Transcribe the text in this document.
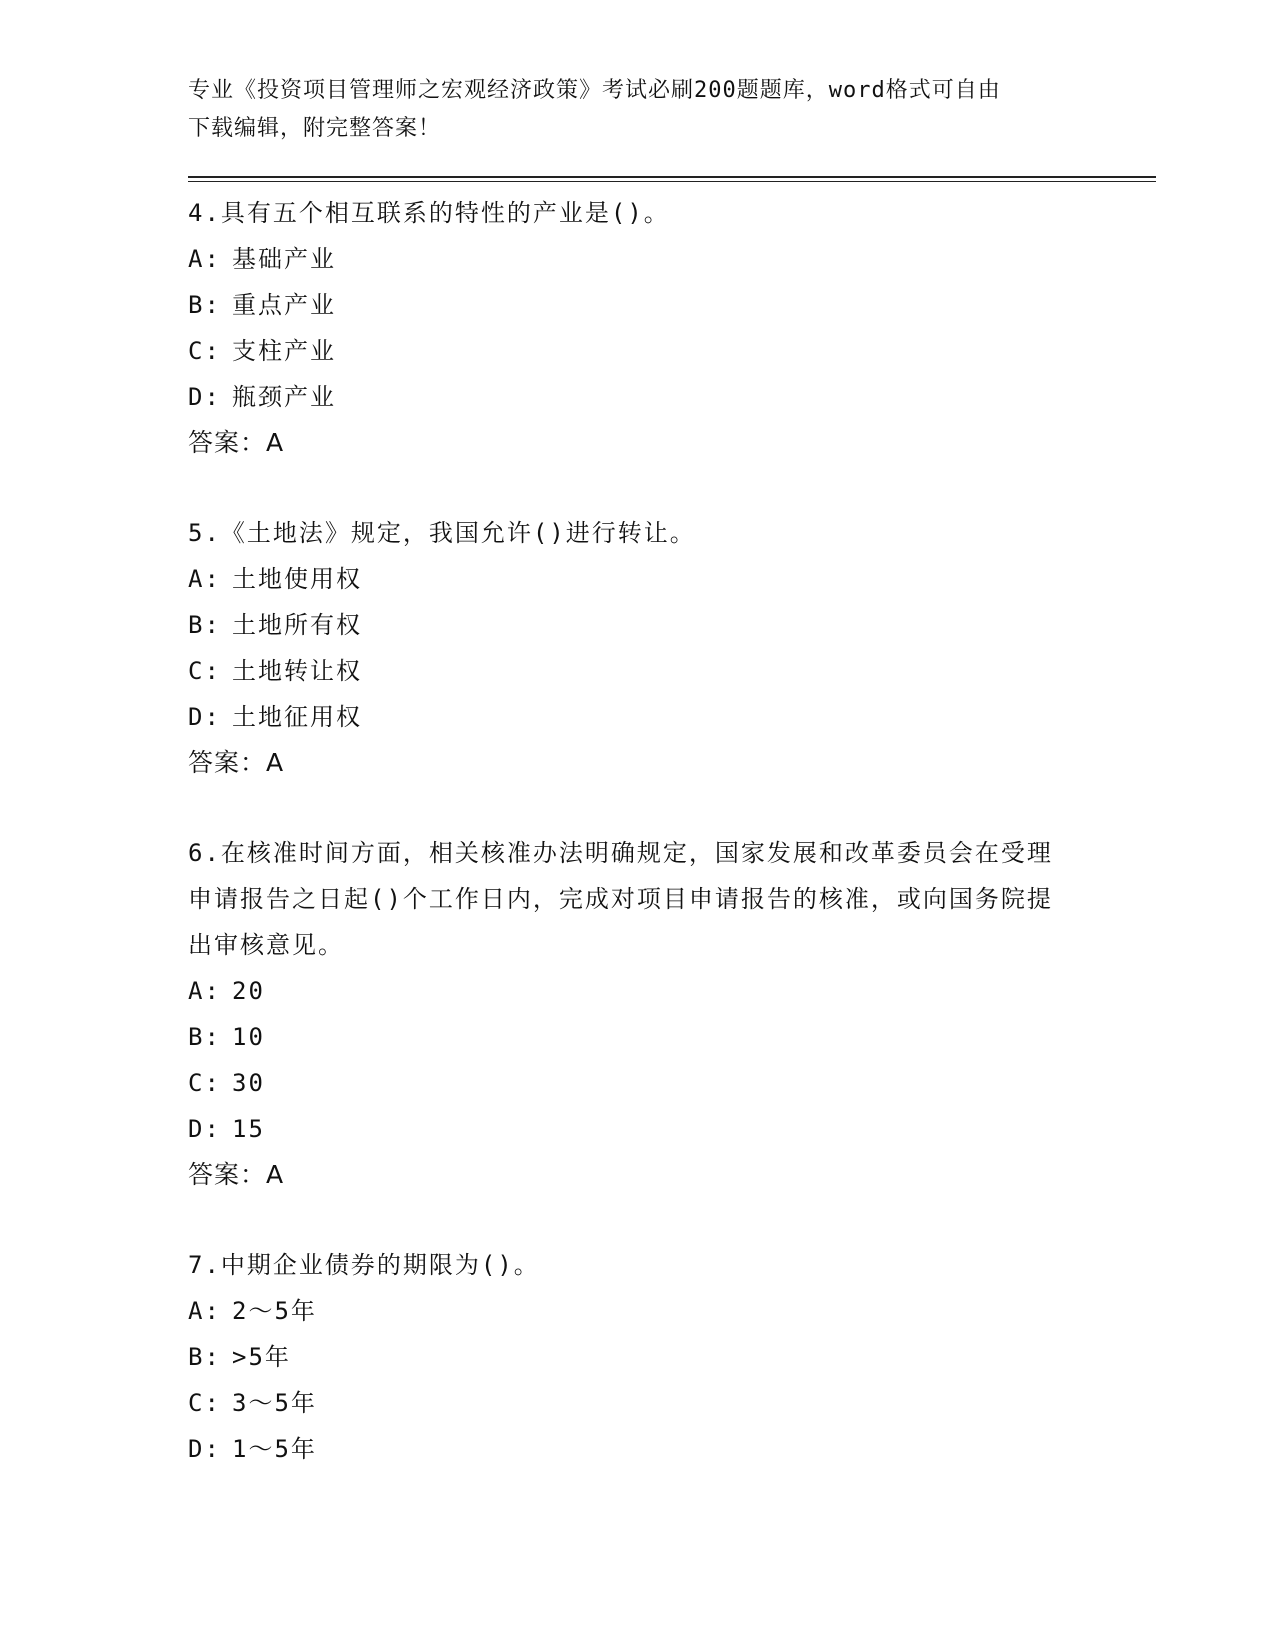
专业《投资项目管理师之宏观经济政策》考试必刷200题题库，word格式可自由
下载编辑，附完整答案！
4.具有五个相互联系的特性的产业是()。
A: 基础产业
B: 重点产业
C: 支柱产业
D: 瓶颈产业
答案：A
5.《土地法》规定，我国允许()进行转让。
A: 土地使用权
B: 土地所有权
C: 土地转让权
D: 土地征用权
答案：A
6.在核准时间方面，相关核准办法明确规定，国家发展和改革委员会在受理申请报告之日起()个工作日内，完成对项目申请报告的核准，或向国务院提出审核意见。
A: 20
B: 10
C: 30
D: 15
答案：A
7.中期企业债券的期限为()。
A: 2～5年
B: >5年
C: 3～5年
D: 1～5年
